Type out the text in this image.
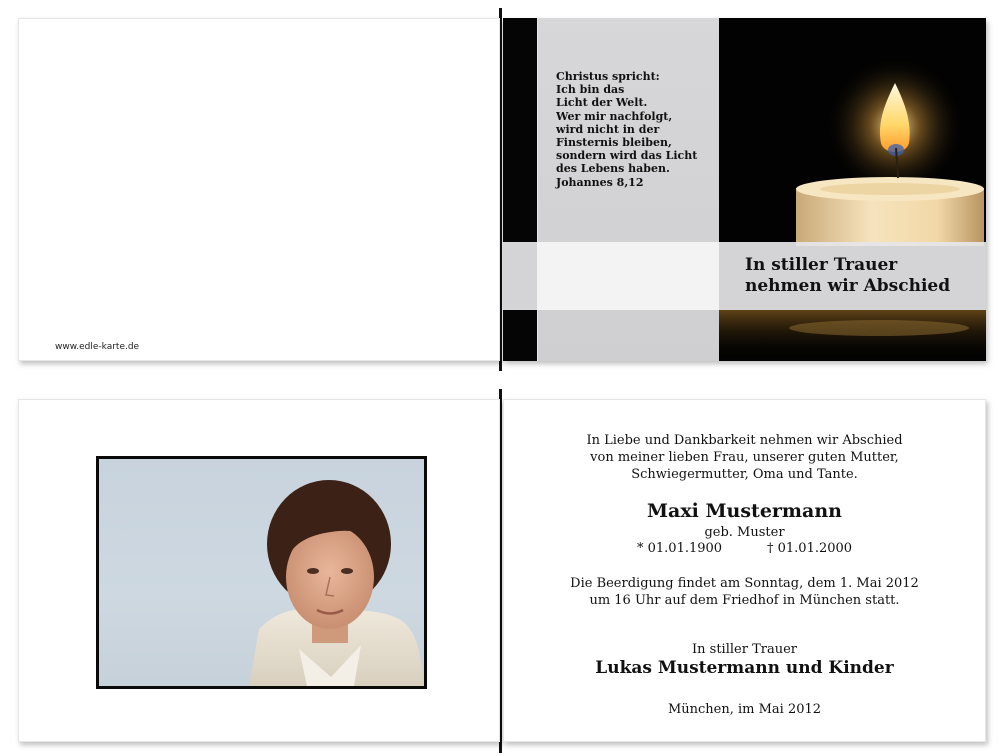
www.edle-karte.de
Christus spricht:
Ich bin das
Licht der Welt.
Wer mir nachfolgt,
wird nicht in der
Finsternis bleiben,
sondern wird das Licht
des Lebens haben.
Johannes 8,12
In stiller Trauer
nehmen wir Abschied
In Liebe und Dankbarkeit nehmen wir Abschied
von meiner lieben Frau, unserer guten Mutter,
Schwiegermutter, Oma und Tante.
Maxi Mustermann
geb. Muster
* 01.01.1900	† 01.01.2000
Die Beerdigung findet am Sonntag, dem 1. Mai 2012
um 16 Uhr auf dem Friedhof in München statt.
In stiller Trauer
Lukas Mustermann und Kinder
München, im Mai 2012
